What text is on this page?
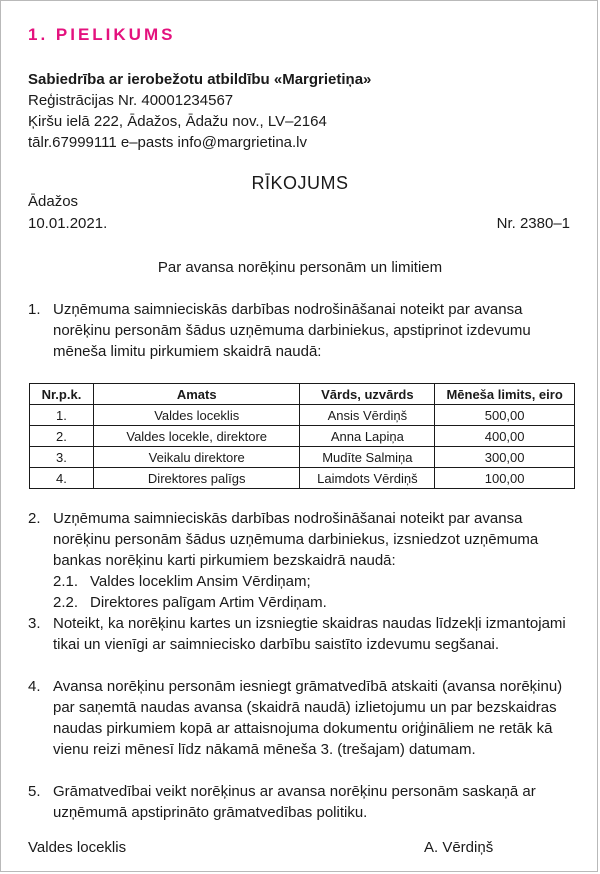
1. PIELIKUMS
Sabiedrība ar ierobežotu atbildību «Margrietiņa»
Reģistrācijas Nr. 40001234567
Ķiršu ielā 222, Ādažos, Ādažu nov., LV–2164
tālr.67999111 e–pasts info@margrietina.lv
RĪKOJUMS
Ādažos
10.01.2021.	Nr. 2380–1
Par avansa norēķinu personām un limitiem
1. Uzņēmuma saimnieciskās darbības nodrošināšanai noteikt par avansa norēķinu personām šādus uzņēmuma darbiniekus, apstiprinot izdevumu mēneša limitu pirkumiem skaidrā naudā:
Nr.p.k.	Amats	Vārds, uzvārds	Mēneša limits, eiro
1.	Valdes loceklis	Ansis Vērdiņš	500,00
2.	Valdes locekle, direktore	Anna Lapiņa	400,00
3.	Veikalu direktore	Mudīte Salmiņa	300,00
4.	Direktores palīgs	Laimdots Vērdiņš	100,00
2. Uzņēmuma saimnieciskās darbības nodrošināšanai noteikt par avansa norēķinu personām šādus uzņēmuma darbiniekus, izsniedzot uzņēmuma bankas norēķinu karti pirkumiem bezskaidrā naudā:
2.1. Valdes loceklim Ansim Vērdiņam;
2.2. Direktores palīgam Artim Vērdiņam.
3. Noteikt, ka norēķinu kartes un izsniegtie skaidras naudas līdzekļi izmantojami tikai un vienīgi ar saimniecisko darbību saistīto izdevumu segšanai.
4. Avansa norēķinu personām iesniegt grāmatvedībā atskaiti (avansa norēķinu) par saņemtā naudas avansa (skaidrā naudā) izlietojumu un par bezskaidras naudas pirkumiem kopā ar attaisnojuma dokumentu oriģināliem ne retāk kā vienu reizi mēnesī līdz nākamā mēneša 3. (trešajam) datumam.
5. Grāmatvedībai veikt norēķinus ar avansa norēķinu personām saskaņā ar uzņēmumā apstiprināto grāmatvedības politiku.
Valdes loceklis	A. Vērdiņš
